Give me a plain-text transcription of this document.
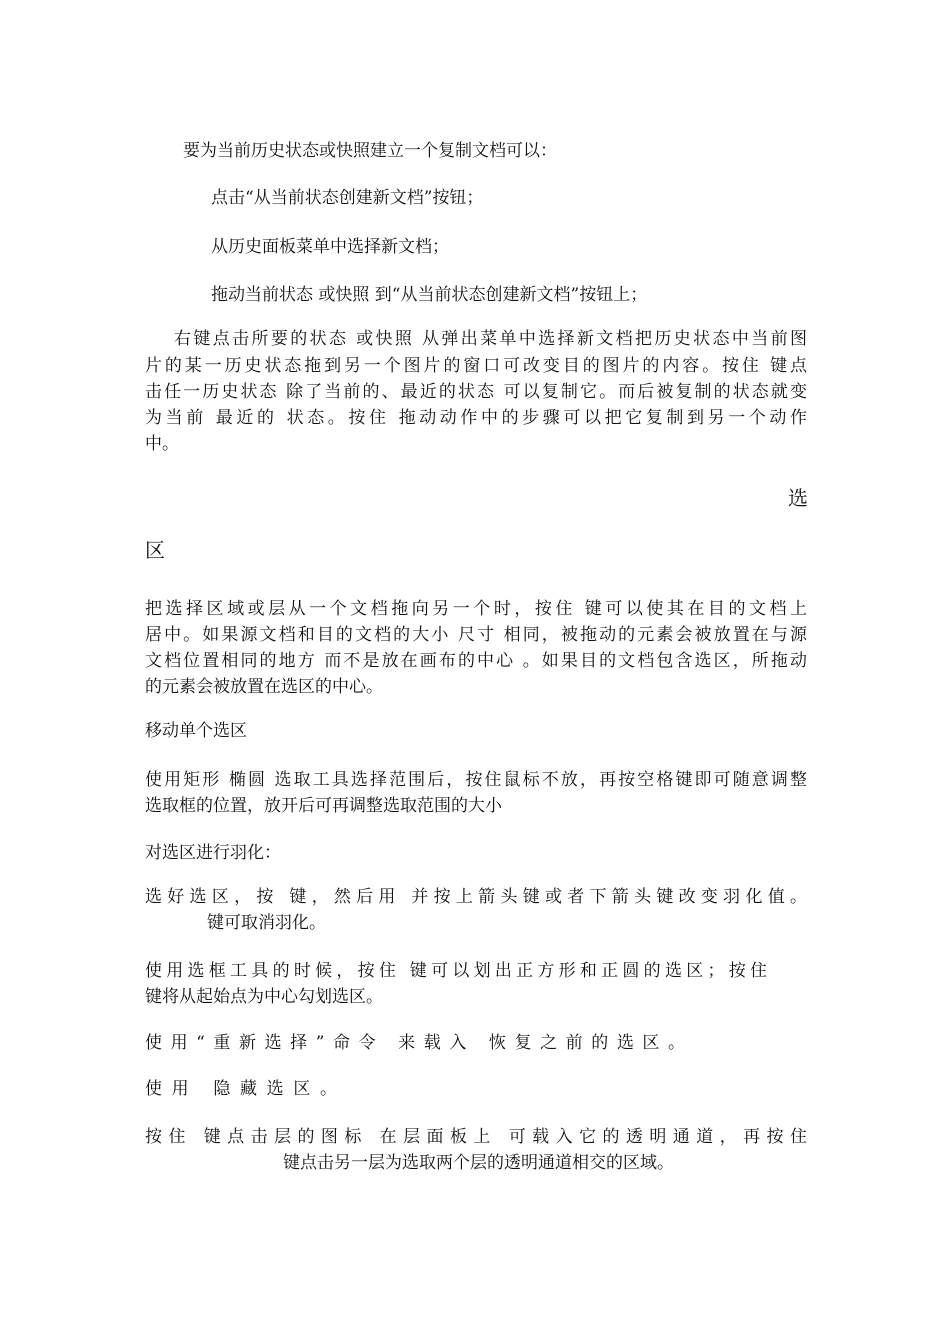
要为当前历史状态或快照建立一个复制文档可以：
点击“从当前状态创建新文档”按钮；
从历史面板菜单中选择新文档；
拖动当前状态 或快照 到“从当前状态创建新文档”按钮上；
右键点击所要的状态 或快照 从弹出菜单中选择新文档把历史状态中当前图
片的某一历史状态拖到另一个图片的窗口可改变目的图片的内容。按住 键点
击任一历史状态 除了当前的、最近的状态 可以复制它。而后被复制的状态就变
为当前 最近的 状态。按住 拖动动作中的步骤可以把它复制到另一个动作
中。
选
区
把选择区域或层从一个文档拖向另一个时，按住 键可以使其在目的文档上
居中。如果源文档和目的文档的大小 尺寸 相同，被拖动的元素会被放置在与源
文档位置相同的地方 而不是放在画布的中心 。如果目的文档包含选区，所拖动
的元素会被放置在选区的中心。
移动单个选区
使用矩形 椭圆 选取工具选择范围后，按住鼠标不放，再按空格键即可随意调整
选取框的位置，放开后可再调整选取范围的大小
对选区进行羽化：
选好选区，按 键，然后用 并按上箭头键或者下箭头键改变羽化值。
键可取消羽化。
使用选框工具的时候，按住 键可以划出正方形和正圆的选区；按住
键将从起始点为中心勾划选区。
使用“重新选择”命令 来载入 恢复之前的选区。
使用 隐藏选区。
按住 键点击层的图标 在层面板上 可载入它的透明通道，再按住
键点击另一层为选取两个层的透明通道相交的区域。
